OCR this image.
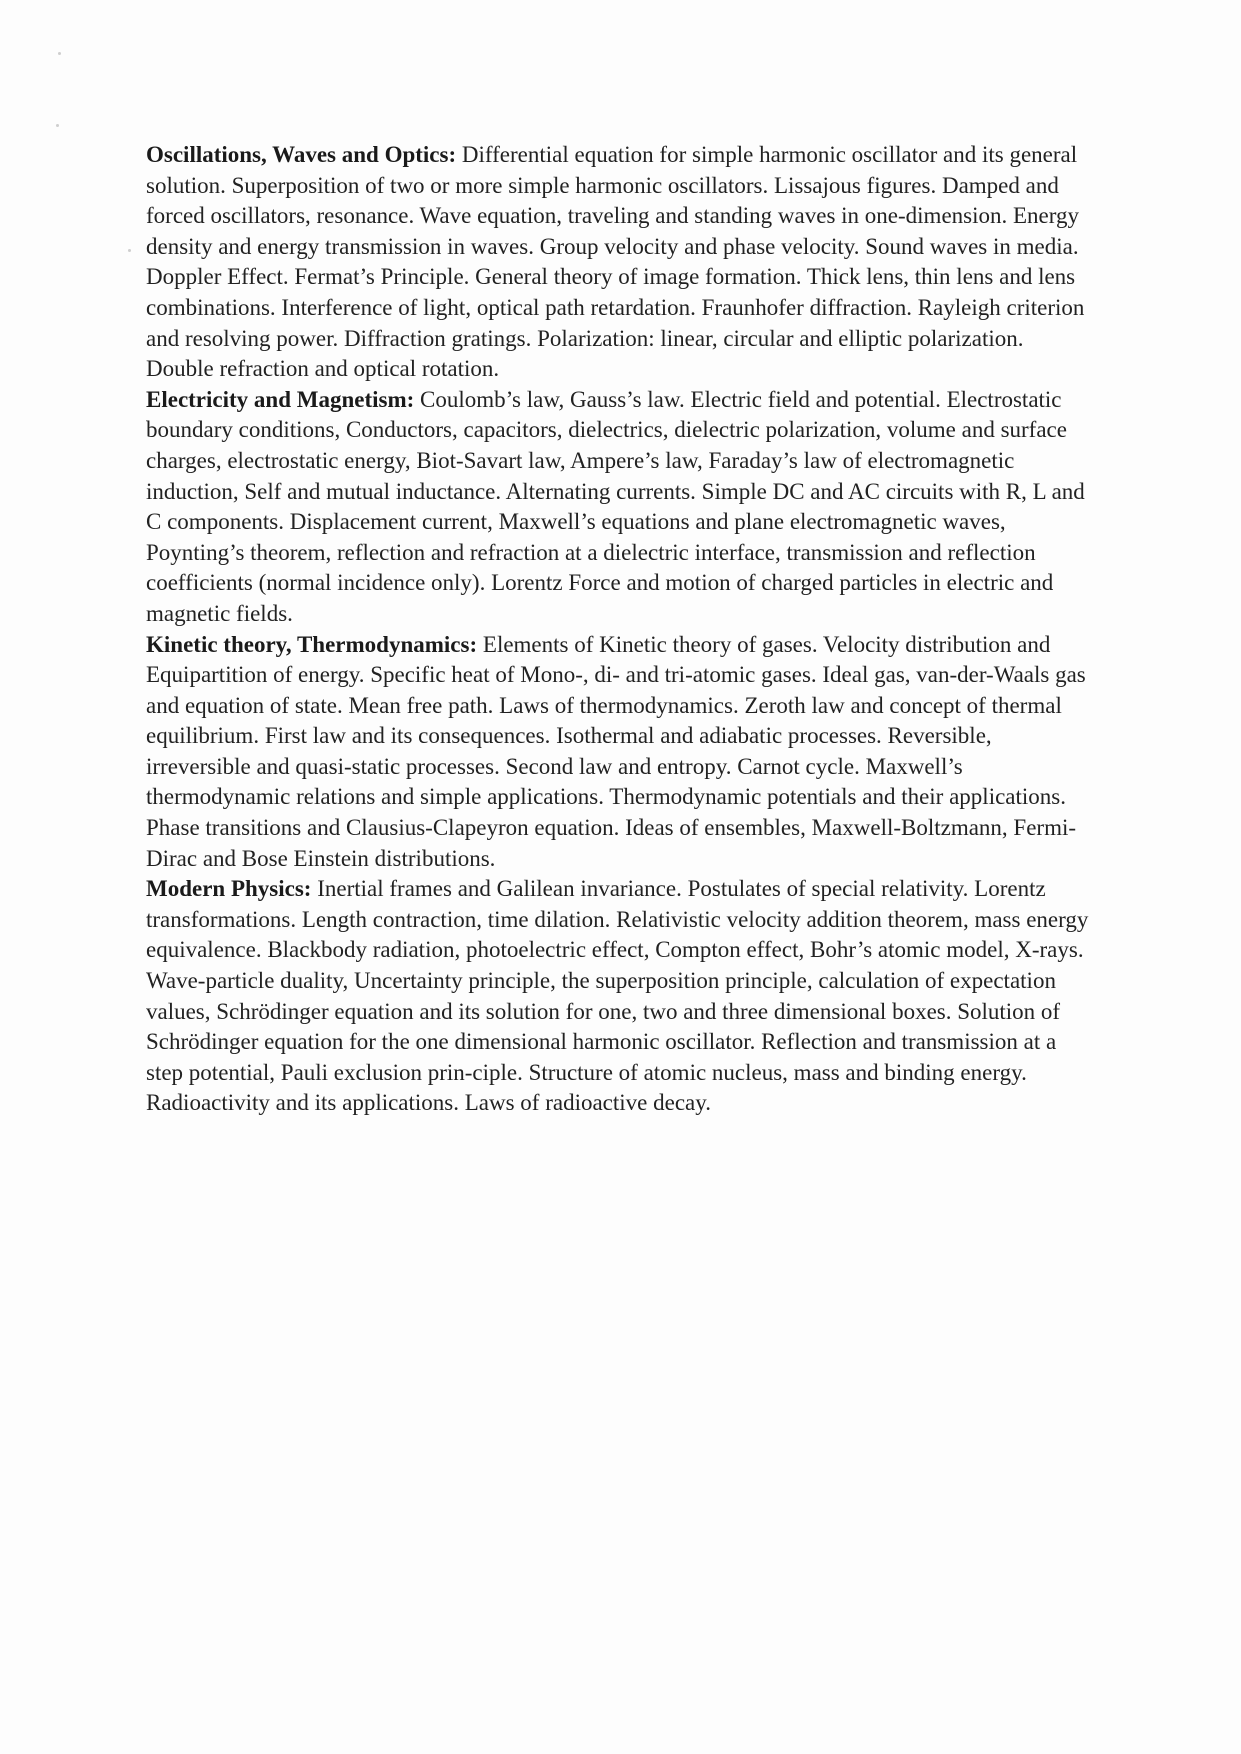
Oscillations, Waves and Optics: Differential equation for simple harmonic oscillator and its general solution. Superposition of two or more simple harmonic oscillators. Lissajous figures. Damped and forced oscillators, resonance. Wave equation, traveling and standing waves in one-dimension. Energy density and energy transmission in waves. Group velocity and phase velocity. Sound waves in media. Doppler Effect. Fermat’s Principle. General theory of image formation. Thick lens, thin lens and lens combinations. Interference of light, optical path retardation. Fraunhofer diffraction. Rayleigh criterion and resolving power. Diffraction gratings. Polarization: linear, circular and elliptic polarization. Double refraction and optical rotation.

Electricity and Magnetism: Coulomb’s law, Gauss’s law. Electric field and potential. Electrostatic boundary conditions, Conductors, capacitors, dielectrics, dielectric polarization, volume and surface charges, electrostatic energy, Biot-Savart law, Ampere’s law, Faraday’s law of electromagnetic induction, Self and mutual inductance. Alternating currents. Simple DC and AC circuits with R, L and C components. Displacement current, Maxwell’s equations and plane electromagnetic waves, Poynting’s theorem, reflection and refraction at a dielectric interface, transmission and reflection coefficients (normal incidence only). Lorentz Force and motion of charged particles in electric and magnetic fields.

Kinetic theory, Thermodynamics: Elements of Kinetic theory of gases. Velocity distribution and Equipartition of energy. Specific heat of Mono-, di- and tri-atomic gases. Ideal gas, van-der-Waals gas and equation of state. Mean free path. Laws of thermodynamics. Zeroth law and concept of thermal equilibrium. First law and its consequences. Isothermal and adiabatic processes. Reversible, irreversible and quasi-static processes. Second law and entropy. Carnot cycle. Maxwell’s thermodynamic relations and simple applications. Thermodynamic potentials and their applications. Phase transitions and Clausius-Clapeyron equation. Ideas of ensembles, Maxwell-Boltzmann, Fermi-Dirac and Bose Einstein distributions.

Modern Physics: Inertial frames and Galilean invariance. Postulates of special relativity. Lorentz transformations. Length contraction, time dilation. Relativistic velocity addition theorem, mass energy equivalence. Blackbody radiation, photoelectric effect, Compton effect, Bohr’s atomic model, X-rays. Wave-particle duality, Uncertainty principle, the superposition principle, calculation of expectation values, Schrödinger equation and its solution for one, two and three dimensional boxes. Solution of Schrödinger equation for the one dimensional harmonic oscillator. Reflection and transmission at a step potential, Pauli exclusion prin-ciple. Structure of atomic nucleus, mass and binding energy. Radioactivity and its applications. Laws of radioactive decay.
